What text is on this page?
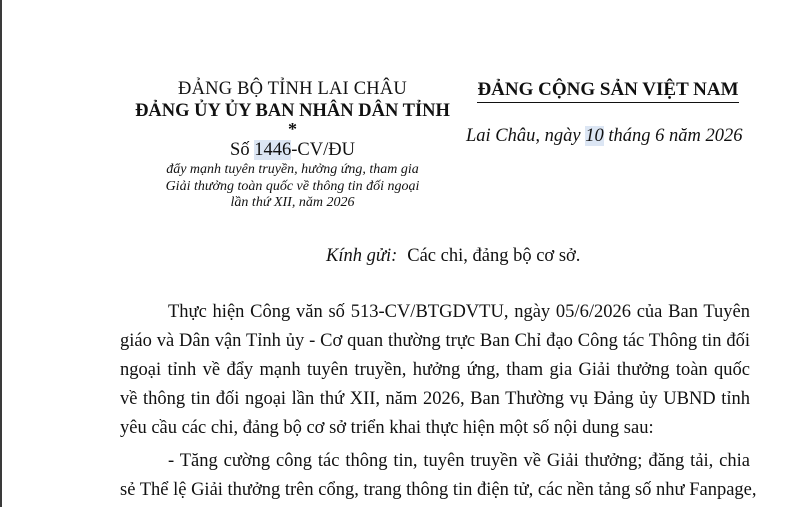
ĐẢNG BỘ TỈNH LAI CHÂU
ĐẢNG ỦY ỦY BAN NHÂN DÂN TỈNH
*
Số 1446-CV/ĐU
đẩy mạnh tuyên truyền, hưởng ứng, tham gia
Giải thưởng toàn quốc về thông tin đối ngoại
lần thứ XII, năm 2026
ĐẢNG CỘNG SẢN VIỆT NAM
Lai Châu, ngày 10 tháng 6 năm 2026
Kính gửi: Các chi, đảng bộ cơ sở.
Thực hiện Công văn số 513-CV/BTGDVTU, ngày 05/6/2026 của Ban Tuyên
giáo và Dân vận Tỉnh ủy - Cơ quan thường trực Ban Chỉ đạo Công tác Thông tin đối
ngoại tỉnh về đẩy mạnh tuyên truyền, hưởng ứng, tham gia Giải thưởng toàn quốc
về thông tin đối ngoại lần thứ XII, năm 2026, Ban Thường vụ Đảng ủy UBND tỉnh
yêu cầu các chi, đảng bộ cơ sở triển khai thực hiện một số nội dung sau:
- Tăng cường công tác thông tin, tuyên truyền về Giải thưởng; đăng tải, chia
sẻ Thể lệ Giải thưởng trên cổng, trang thông tin điện tử, các nền tảng số như Fanpage,
